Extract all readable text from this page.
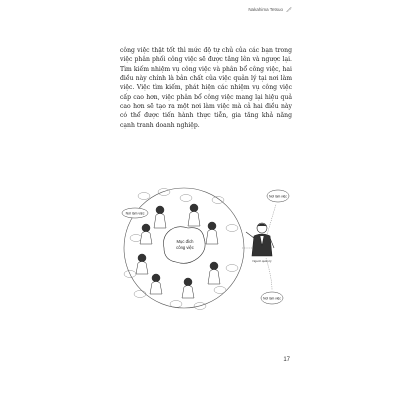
Nakahima Tetsuo

công việc thật tốt thì mức độ tự chủ của các bạn trong việc phân phối công việc sẽ được tăng lên và ngược lại. Tìm kiếm nhiệm vụ công việc và phân bổ công việc, hai điều này chính là bản chất của việc quản lý tại nơi làm việc. Việc tìm kiếm, phát hiện các nhiệm vụ công việc cấp cao hơn, việc phân bổ công việc mang lại hiệu quả cao hơn sẽ tạo ra một nơi làm việc mà cả hai điều này có thể được tiến hành thực tiễn, gia tăng khả năng cạnh tranh doanh nghiệp.

Mục đích
công việc
Nơi làm việc
Nơi làm việc
Nơi làm việc
Người quản lý
17
